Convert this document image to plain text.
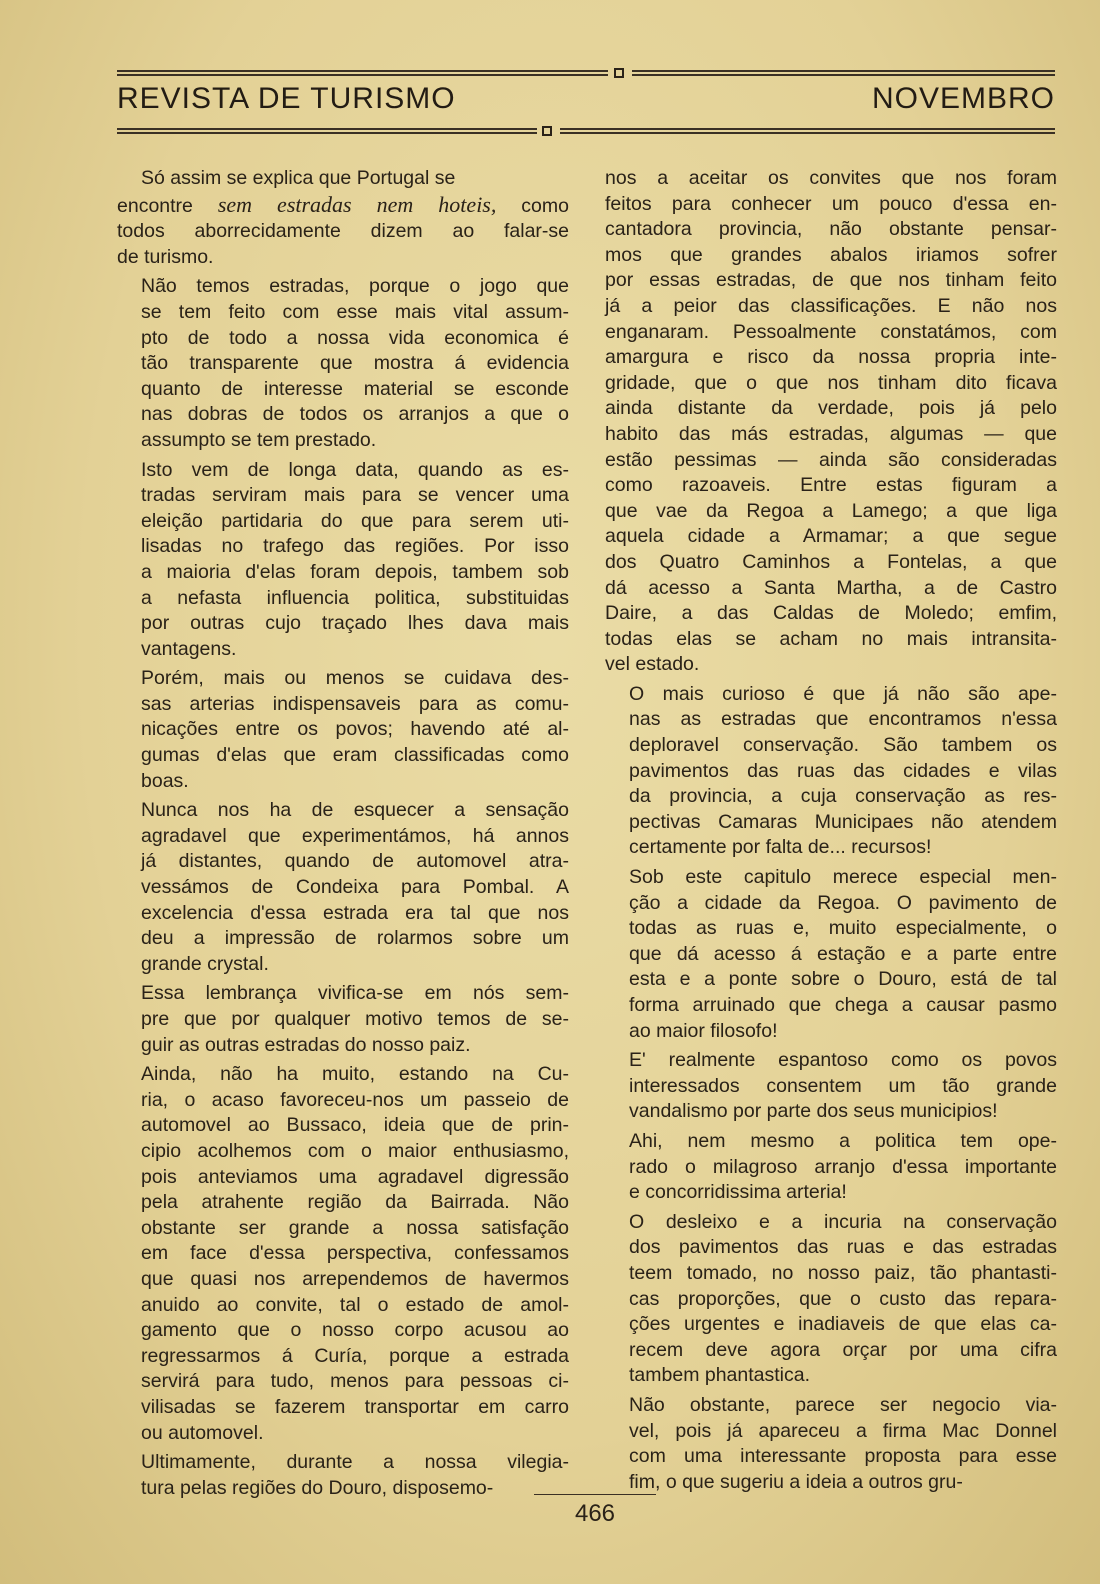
REVISTA DE TURISMO	NOVEMBRO

Só assim se explica que Portugal se

encontre sem estradas nem hoteis, como

todos aborrecidamente dizem ao falar-se
de turismo.

Não temos estradas, porque o jogo que
se tem feito com esse mais vital assum-
pto de todo a nossa vida economica é
tão transparente que mostra á evidencia
quanto de interesse material se esconde
nas dobras de todos os arranjos a que o
assumpto se tem prestado.

Isto vem de longa data, quando as es-
tradas serviram mais para se vencer uma
eleição partidaria do que para serem uti-
lisadas no trafego das regiões. Por isso
a maioria d'elas foram depois, tambem sob
a nefasta influencia politica, substituidas
por outras cujo traçado lhes dava mais
vantagens.

Porém, mais ou menos se cuidava des-
sas arterias indispensaveis para as comu-
nicações entre os povos; havendo até al-
gumas d'elas que eram classificadas como
boas.

Nunca nos ha de esquecer a sensação
agradavel que experimentámos, há annos
já distantes, quando de automovel atra-
vessámos de Condeixa para Pombal. A
excelencia d'essa estrada era tal que nos
deu a impressão de rolarmos sobre um
grande crystal.

Essa lembrança vivifica-se em nós sem-
pre que por qualquer motivo temos de se-
guir as outras estradas do nosso paiz.

Ainda, não ha muito, estando na Cu-
ria, o acaso favoreceu-nos um passeio de
automovel ao Bussaco, ideia que de prin-
cipio acolhemos com o maior enthusiasmo,
pois anteviamos uma agradavel digressão
pela atrahente região da Bairrada. Não
obstante ser grande a nossa satisfação
em face d'essa perspectiva, confessamos
que quasi nos arrependemos de havermos
anuido ao convite, tal o estado de amol-
gamento que o nosso corpo acusou ao
regressarmos á Curía, porque a estrada
servirá para tudo, menos para pessoas ci-
vilisadas se fazerem transportar em carro
ou automovel.

Ultimamente, durante a nossa vilegia-
tura pelas regiões do Douro, disposemo-

nos a aceitar os convites que nos foram
feitos para conhecer um pouco d'essa en-
cantadora provincia, não obstante pensar-
mos que grandes abalos iriamos sofrer
por essas estradas, de que nos tinham feito
já a peior das classificações. E não nos
enganaram. Pessoalmente constatámos, com
amargura e risco da nossa propria inte-
gridade, que o que nos tinham dito ficava
ainda distante da verdade, pois já pelo
habito das más estradas, algumas — que
estão pessimas — ainda são consideradas
como razoaveis. Entre estas figuram a
que vae da Regoa a Lamego; a que liga
aquela cidade a Armamar; a que segue
dos Quatro Caminhos a Fontelas, a que
dá acesso a Santa Martha, a de Castro
Daire, a das Caldas de Moledo; emfim,
todas elas se acham no mais intransita-
vel estado.

O mais curioso é que já não são ape-
nas as estradas que encontramos n'essa
deploravel conservação. São tambem os
pavimentos das ruas das cidades e vilas
da provincia, a cuja conservação as res-
pectivas Camaras Municipaes não atendem
certamente por falta de... recursos!

Sob este capitulo merece especial men-
ção a cidade da Regoa. O pavimento de
todas as ruas e, muito especialmente, o
que dá acesso á estação e a parte entre
esta e a ponte sobre o Douro, está de tal
forma arruinado que chega a causar pasmo
ao maior filosofo!

E' realmente espantoso como os povos
interessados consentem um tão grande
vandalismo por parte dos seus municipios!

Ahi, nem mesmo a politica tem ope-
rado o milagroso arranjo d'essa importante
e concorridissima arteria!

O desleixo e a incuria na conservação
dos pavimentos das ruas e das estradas
teem tomado, no nosso paiz, tão phantasti-
cas proporções, que o custo das repara-
ções urgentes e inadiaveis de que elas ca-
recem deve agora orçar por uma cifra
tambem phantastica.

Não obstante, parece ser negocio via-
vel, pois já apareceu a firma Mac Donnel
com uma interessante proposta para esse
fim, o que sugeriu a ideia a outros gru-

466
